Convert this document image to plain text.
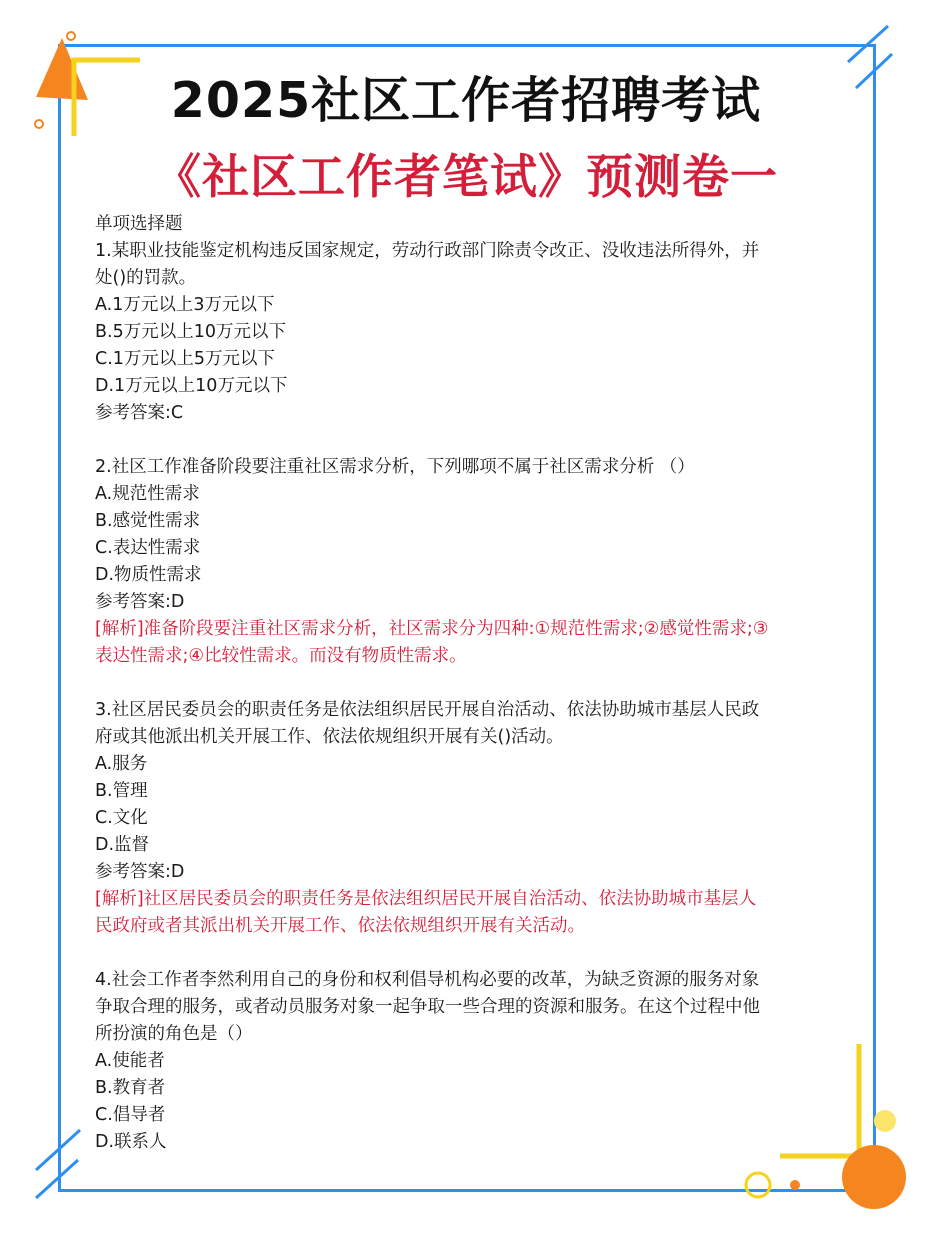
2025社区工作者招聘考试
《社区工作者笔试》预测卷一
单项选择题
1.某职业技能鉴定机构违反国家规定，劳动行政部门除责令改正、没收违法所得外，并
处()的罚款。
A.1万元以上3万元以下
B.5万元以上10万元以下
C.1万元以上5万元以下
D.1万元以上10万元以下
参考答案:C
2.社区工作准备阶段要注重社区需求分析，下列哪项不属于社区需求分析 （）
A.规范性需求
B.感觉性需求
C.表达性需求
D.物质性需求
参考答案:D
[解析]准备阶段要注重社区需求分析，社区需求分为四种:①规范性需求;②感觉性需求;③
表达性需求;④比较性需求。而没有物质性需求。
3.社区居民委员会的职责任务是依法组织居民开展自治活动、依法协助城市基层人民政
府或其他派出机关开展工作、依法依规组织开展有关()活动。
A.服务
B.管理
C.文化
D.监督
参考答案:D
[解析]社区居民委员会的职责任务是依法组织居民开展自治活动、依法协助城市基层人
民政府或者其派出机关开展工作、依法依规组织开展有关活动。
4.社会工作者李然利用自己的身份和权利倡导机构必要的改革，为缺乏资源的服务对象
争取合理的服务，或者动员服务对象一起争取一些合理的资源和服务。在这个过程中他
所扮演的角色是（）
A.使能者
B.教育者
C.倡导者
D.联系人
